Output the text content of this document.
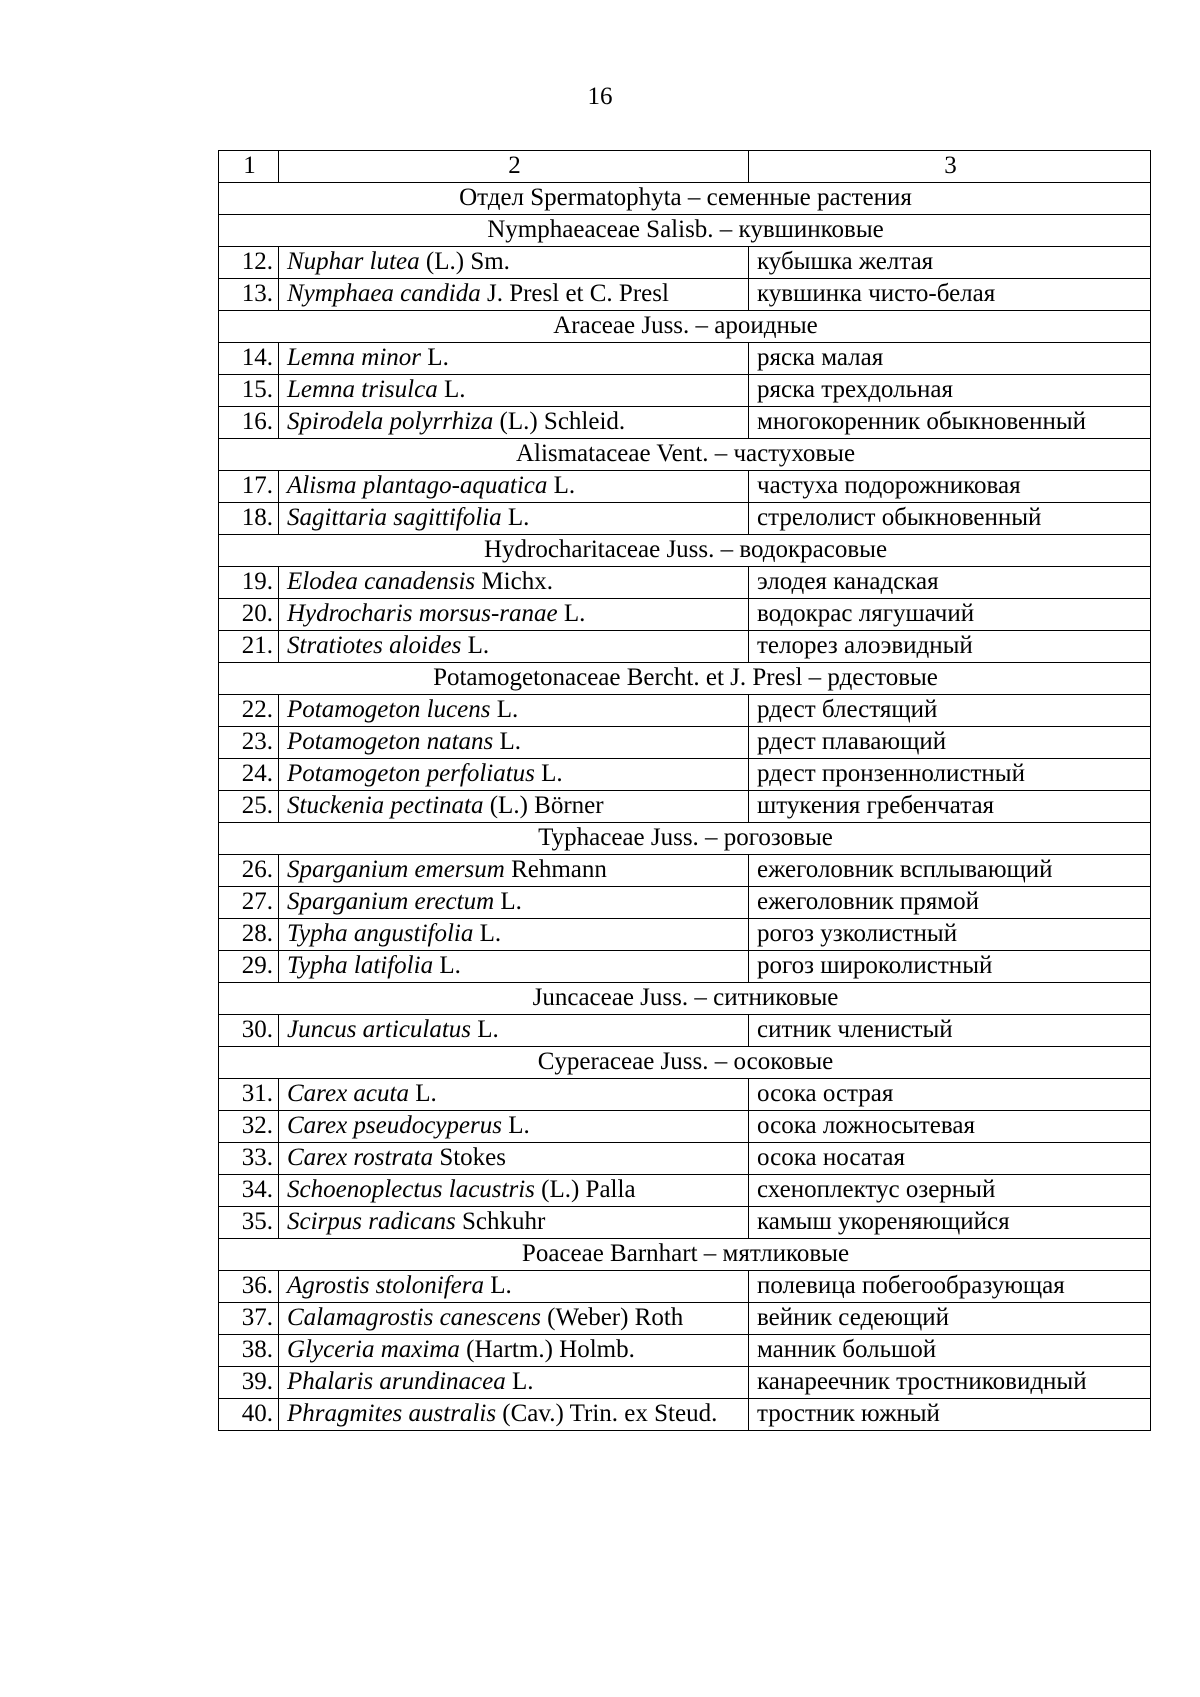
16
1	2	3
Отдел Spermatophyta – семенные растения		
Nymphaeaceae Salisb. – кувшинковые		
12.	Nuphar lutea (L.) Sm.	кубышка желтая
13.	Nymphaea candida J. Presl et C. Presl	кувшинка чисто-белая
Araceae Juss. – ароидные		
14.	Lemna minor L.	ряска малая
15.	Lemna trisulca L.	ряска трехдольная
16.	Spirodela polyrrhiza (L.) Schleid.	многокоренник обыкновенный
Alismataceae Vent. – частуховые		
17.	Alisma plantago-aquatica L.	частуха подорожниковая
18.	Sagittaria sagittifolia L.	стрелолист обыкновенный
Hydrocharitaceae Juss. – водокрасовые		
19.	Elodea canadensis Michx.	элодея канадская
20.	Hydrocharis morsus-ranae L.	водокрас лягушачий
21.	Stratiotes aloides L.	телорез алоэвидный
Potamogetonaceae Bercht. et J. Presl – рдестовые		
22.	Potamogeton lucens L.	рдест блестящий
23.	Potamogeton natans L.	рдест плавающий
24.	Potamogeton perfoliatus L.	рдест пронзеннолистный
25.	Stuckenia pectinata (L.) Börner	штукения гребенчатая
Typhaceae Juss. – рогозовые		
26.	Sparganium emersum Rehmann	ежеголовник всплывающий
27.	Sparganium erectum L.	ежеголовник прямой
28.	Typha angustifolia L.	рогоз узколистный
29.	Typha latifolia L.	рогоз широколистный
Juncaceae Juss. – ситниковые		
30.	Juncus articulatus L.	ситник членистый
Cyperaceae Juss. – осоковые		
31.	Carex acuta L.	осока острая
32.	Carex pseudocyperus L.	осока ложносытевая
33.	Carex rostrata Stokes	осока носатая
34.	Schoenoplectus lacustris (L.) Palla	схеноплектус озерный
35.	Scirpus radicans Schkuhr	камыш укореняющийся
Poaceae Barnhart – мятликовые		
36.	Agrostis stolonifera L.	полевица побегообразующая
37.	Calamagrostis canescens (Weber) Roth	вейник седеющий
38.	Glyceria maxima (Hartm.) Holmb.	манник большой
39.	Phalaris arundinacea L.	канареечник тростниковидный
40.	Phragmites australis (Cav.) Trin. ex Steud.	тростник южный
